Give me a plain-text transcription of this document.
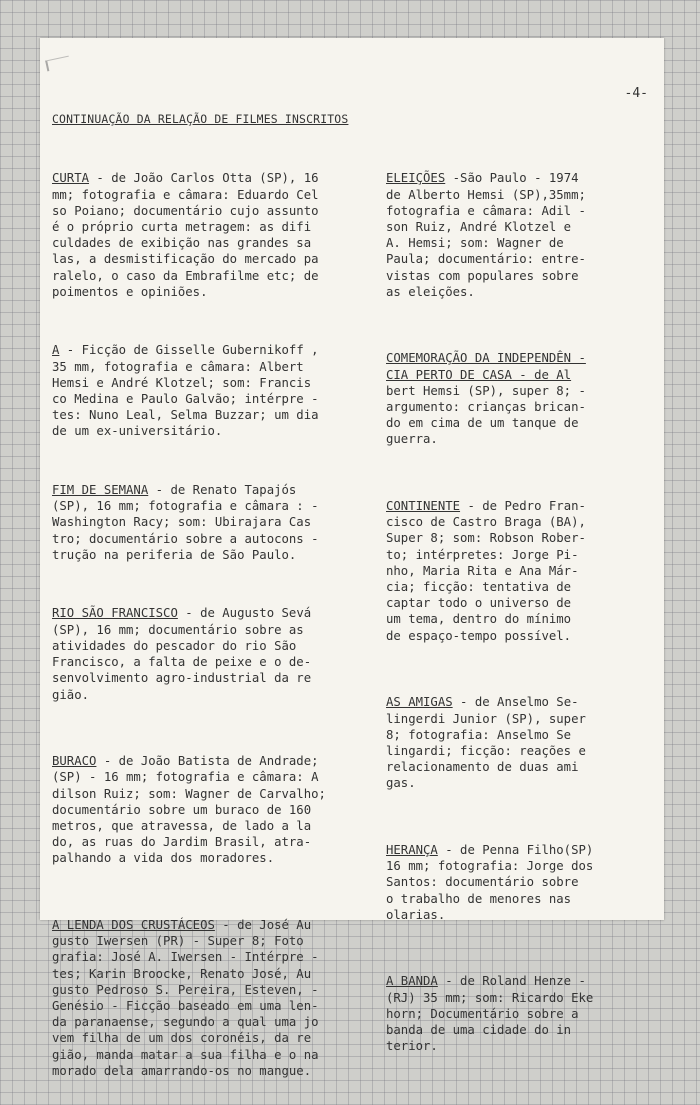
-4-
CONTINUAÇÃO DA RELAÇÃO DE FILMES INSCRITOS

CURTA - de João Carlos Otta (SP), 16
mm; fotografia e câmara: Eduardo Cel
so Poiano; documentário cujo assunto
é o próprio curta metragem: as difi
culdades de exibição nas grandes sa
las, a desmistificação do mercado pa
ralelo, o caso da Embrafilme etc; de
poimentos e opiniões.

A - Ficção de Gisselle Gubernikoff ,
35 mm, fotografia e câmara: Albert
Hemsi e André Klotzel; som: Francis
co Medina e Paulo Galvão; intérpre -
tes: Nuno Leal, Selma Buzzar; um dia
de um ex-universitário.

FIM DE SEMANA - de Renato Tapajós
(SP), 16 mm; fotografia e câmara : -
Washington Racy; som: Ubirajara Cas
tro; documentário sobre a autocons -
trução na periferia de São Paulo.

RIO SÃO FRANCISCO - de Augusto Sevá
(SP), 16 mm; documentário sobre as
atividades do pescador do rio São
Francisco, a falta de peixe e o de-
senvolvimento agro-industrial da re
gião.

BURACO - de João Batista de Andrade;
(SP) - 16 mm; fotografia e câmara: A
dilson Ruiz; som: Wagner de Carvalho;
documentário sobre um buraco de 160
metros, que atravessa, de lado a la
do, as ruas do Jardim Brasil, atra-
palhando a vida dos moradores.

A LENDA DOS CRUSTÁCEOS - de José Au
gusto Iwersen (PR) - Super 8; Foto
grafia: José A. Iwersen - Intérpre -
tes; Karin Broocke, Renato José, Au
gusto Pedroso S. Pereira, Esteven, -
Genésio - Ficção baseado em uma len-
da paranaense, segundo a qual uma jo
vem filha de um dos coronéis, da re
gião, manda matar a sua filha e o na
morado dela amarrando-os no mangue.

ELEIÇÕES -São Paulo - 1974
de Alberto Hemsi (SP),35mm;
fotografia e câmara: Adil -
son Ruiz, André Klotzel e
A. Hemsi; som: Wagner de
Paula; documentário: entre-
vistas com populares sobre
as eleições.

COMEMORAÇÃO DA INDEPENDÊN -
CIA PERTO DE CASA - de Al
bert Hemsi (SP), super 8; -
argumento: crianças brican-
do em cima de um tanque de
guerra.

CONTINENTE - de Pedro Fran-
cisco de Castro Braga (BA),
Super 8; som: Robson Rober-
to; intérpretes: Jorge Pi-
nho, Maria Rita e Ana Már-
cia; ficção: tentativa de
captar todo o universo de
um tema, dentro do mínimo
de espaço-tempo possível.

AS AMIGAS - de Anselmo Se-
lingerdi Junior (SP), super
8; fotografia: Anselmo Se
lingardi; ficção: reações e
relacionamento de duas ami
gas.

HERANÇA - de Penna Filho(SP)
16 mm; fotografia: Jorge dos
Santos: documentário sobre
o trabalho de menores nas
olarias.

A BANDA - de Roland Henze -
(RJ) 35 mm; som: Ricardo Eke
horn; Documentário sobre a
banda de uma cidade do in
terior.
